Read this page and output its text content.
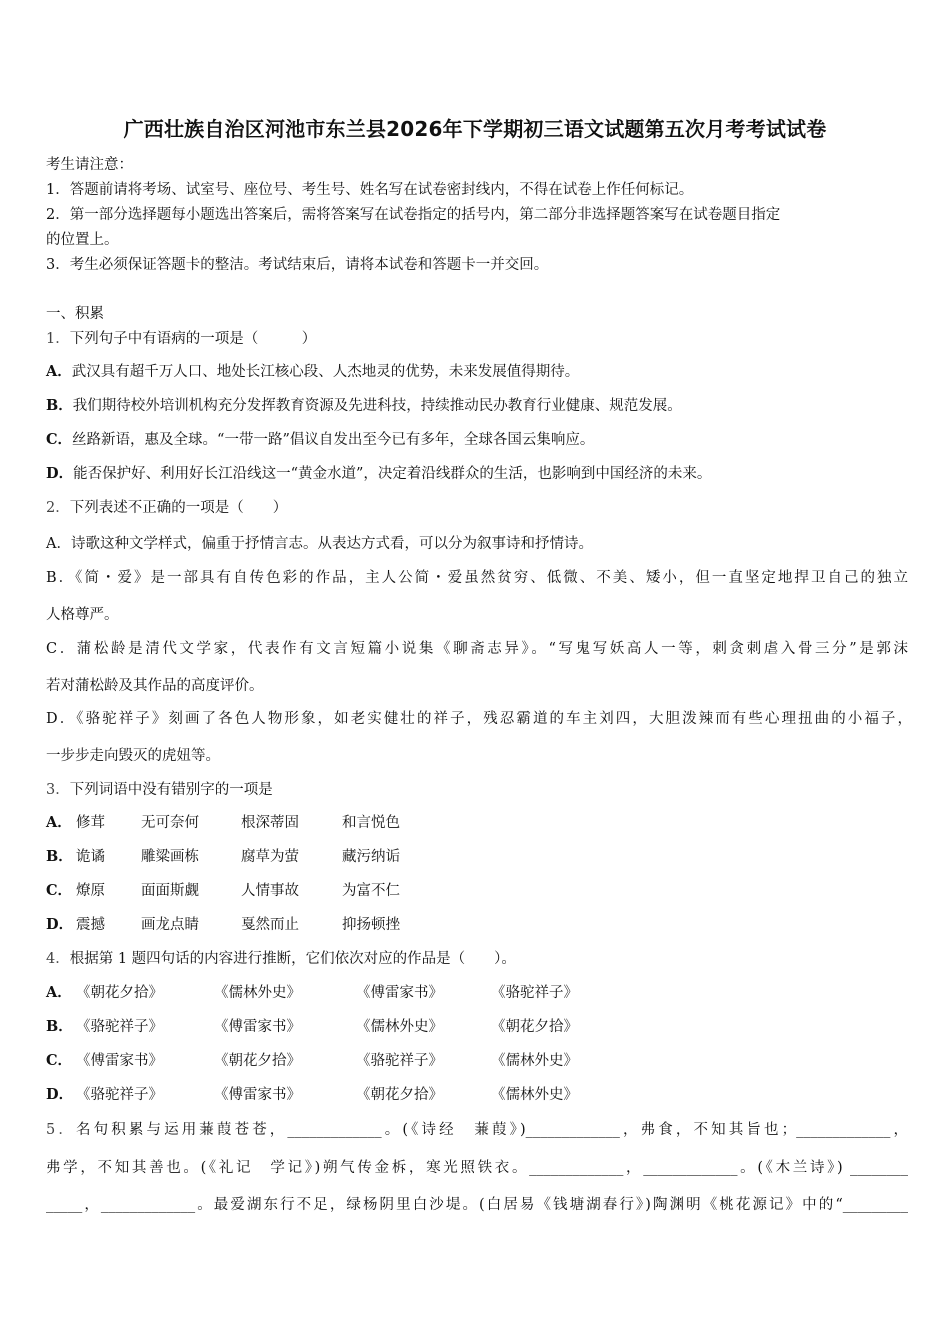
广西壮族自治区河池市东兰县2026年下学期初三语文试题第五次月考考试试卷
考生请注意：
1．答题前请将考场、试室号、座位号、考生号、姓名写在试卷密封线内，不得在试卷上作任何标记。
2．第一部分选择题每小题选出答案后，需将答案写在试卷指定的括号内，第二部分非选择题答案写在试卷题目指定
的位置上。
3．考生必须保证答题卡的整洁。考试结束后，请将本试卷和答题卡一并交回。
一、积累
1．下列句子中有语病的一项是（　　　）
A．武汉具有超千万人口、地处长江核心段、人杰地灵的优势，未来发展值得期待。
B．我们期待校外培训机构充分发挥教育资源及先进科技，持续推动民办教育行业健康、规范发展。
C．丝路新语，惠及全球。“一带一路”倡议自发出至今已有多年，全球各国云集响应。
D．能否保护好、利用好长江沿线这一“黄金水道”，决定着沿线群众的生活，也影响到中国经济的未来。
2．下列表述不正确的一项是（　　）
A．诗歌这种文学样式，偏重于抒情言志。从表达方式看，可以分为叙事诗和抒情诗。
B．《简・爱》是一部具有自传色彩的作品，主人公简・爱虽然贫穷、低微、不美、矮小，但一直坚定地捍卫自己的独立
人格尊严。
C．蒲松龄是清代文学家，代表作有文言短篇小说集《聊斋志异》。“写鬼写妖高人一等，刺贪刺虐入骨三分”是郭沫
若对蒲松龄及其作品的高度评价。
D．《骆驼祥子》刻画了各色人物形象，如老实健壮的祥子，残忍霸道的车主刘四，大胆泼辣而有些心理扭曲的小福子，
一步步走向毁灭的虎妞等。
3．下列词语中没有错别字的一项是
A． 修茸 无可奈何	根深蒂固	和言悦色
B． 诡谲 雕粱画栋	腐草为萤	藏污纳诟
C． 燎原 面面斯觑	人情事故	为富不仁
D． 震撼 画龙点睛	戛然而止	抑扬顿挫
4．根据第 1 题四句话的内容进行推断，它们依次对应的作品是（　　）。
A． 《朝花夕拾》	《儒林外史》	《傅雷家书》	《骆驼祥子》
B． 《骆驼祥子》	《傅雷家书》	《儒林外史》	《朝花夕拾》
C． 《傅雷家书》	《朝花夕拾》	《骆驼祥子》	《儒林外史》
D． 《骆驼祥子》	《傅雷家书》	《朝花夕拾》	《儒林外史》
5．名句积累与运用蒹葭苍苍，_____________。(《诗经　蒹葭》)_____________，弗食，不知其旨也；_____________，
弗学，不知其善也。(《礼记　学记》)朔气传金柝，寒光照铁衣。_____________，_____________。(《木兰诗》) ________
_____，_____________。最爱湖东行不足，绿杨阴里白沙堤。(白居易《钱塘湖春行》)陶渊明《桃花源记》中的“_________
